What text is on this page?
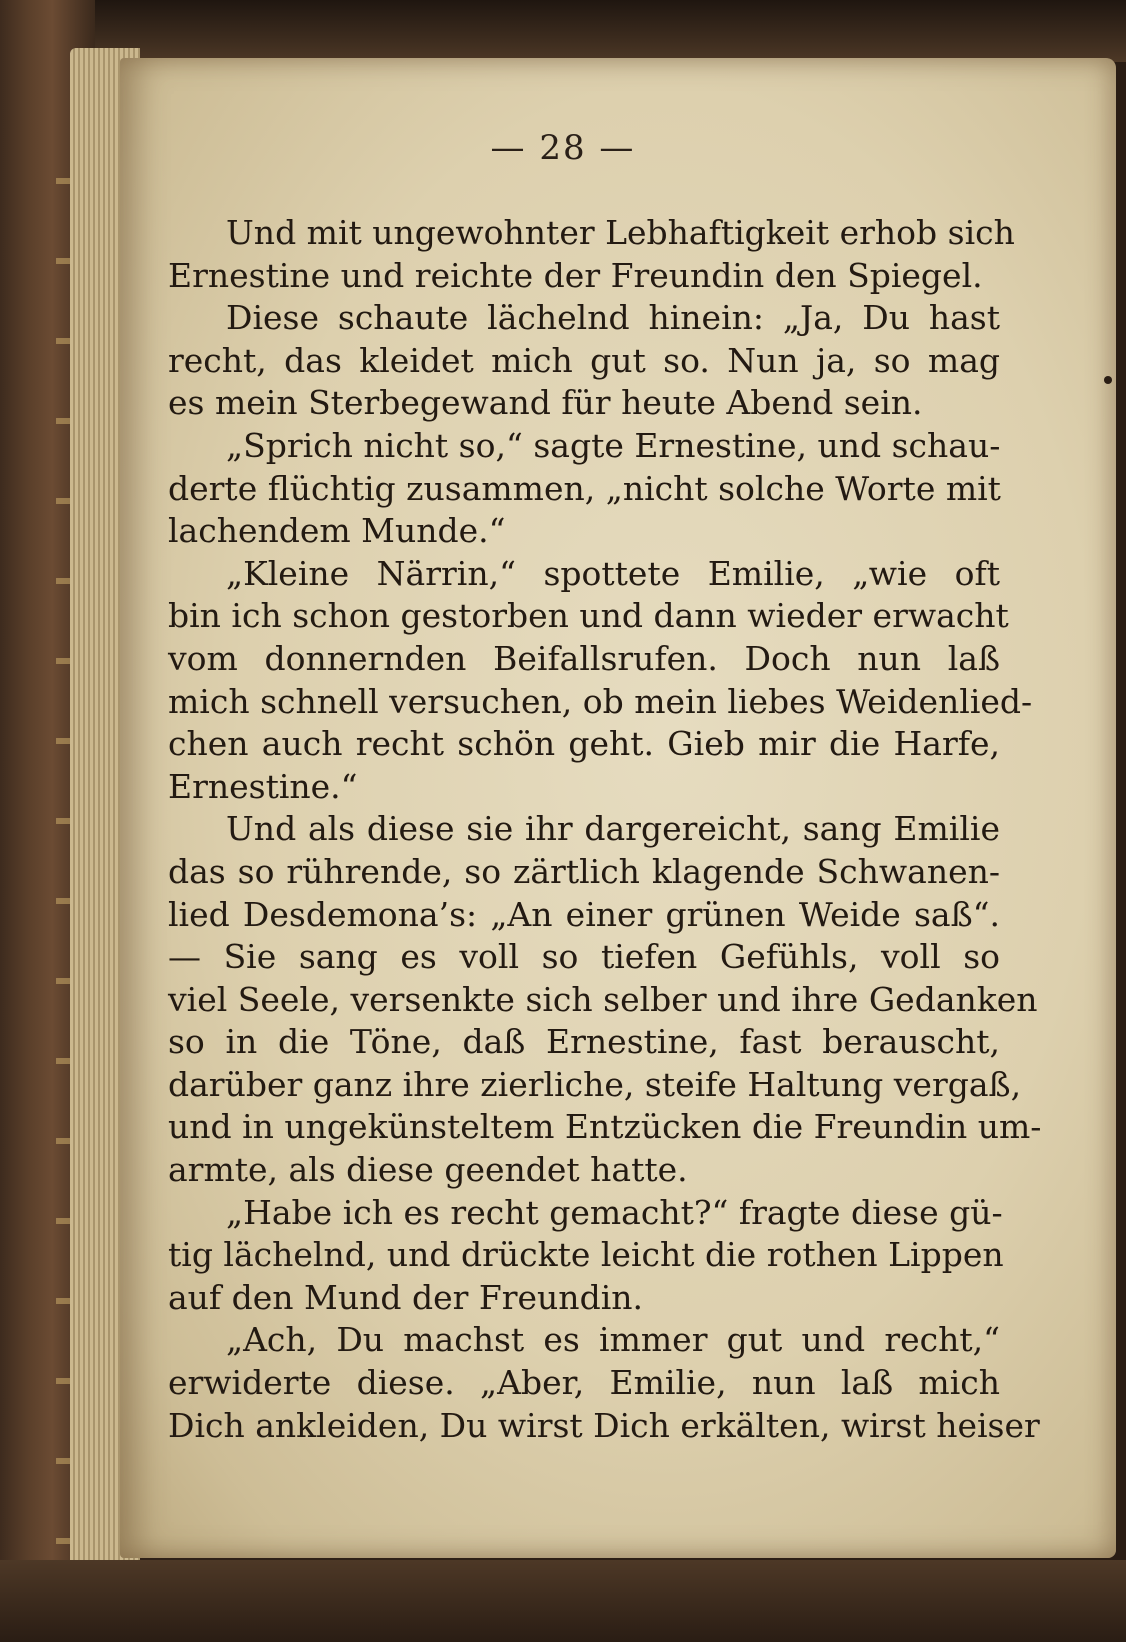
— 28 —
Und mit ungewohnter Lebhaftigkeit erhob sich
Ernestine und reichte der Freundin den Spiegel.
Diese schaute lächelnd hinein: „Ja, Du hast
recht, das kleidet mich gut so. Nun ja, so mag
es mein Sterbegewand für heute Abend sein.
„Sprich nicht so,“ sagte Ernestine, und schau-
derte flüchtig zusammen, „nicht solche Worte mit
lachendem Munde.“
„Kleine Närrin,“ spottete Emilie, „wie oft
bin ich schon gestorben und dann wieder erwacht
vom donnernden Beifallsrufen. Doch nun laß
mich schnell versuchen, ob mein liebes Weidenlied-
chen auch recht schön geht. Gieb mir die Harfe,
Ernestine.“
Und als diese sie ihr dargereicht, sang Emilie
das so rührende, so zärtlich klagende Schwanen-
lied Desdemona’s: „An einer grünen Weide saß“.
— Sie sang es voll so tiefen Gefühls, voll so
viel Seele, versenkte sich selber und ihre Gedanken
so in die Töne, daß Ernestine, fast berauscht,
darüber ganz ihre zierliche, steife Haltung vergaß,
und in ungekünsteltem Entzücken die Freundin um-
armte, als diese geendet hatte.
„Habe ich es recht gemacht?“ fragte diese gü-
tig lächelnd, und drückte leicht die rothen Lippen
auf den Mund der Freundin.
„Ach, Du machst es immer gut und recht,“
erwiderte diese. „Aber, Emilie, nun laß mich
Dich ankleiden, Du wirst Dich erkälten, wirst heiser
